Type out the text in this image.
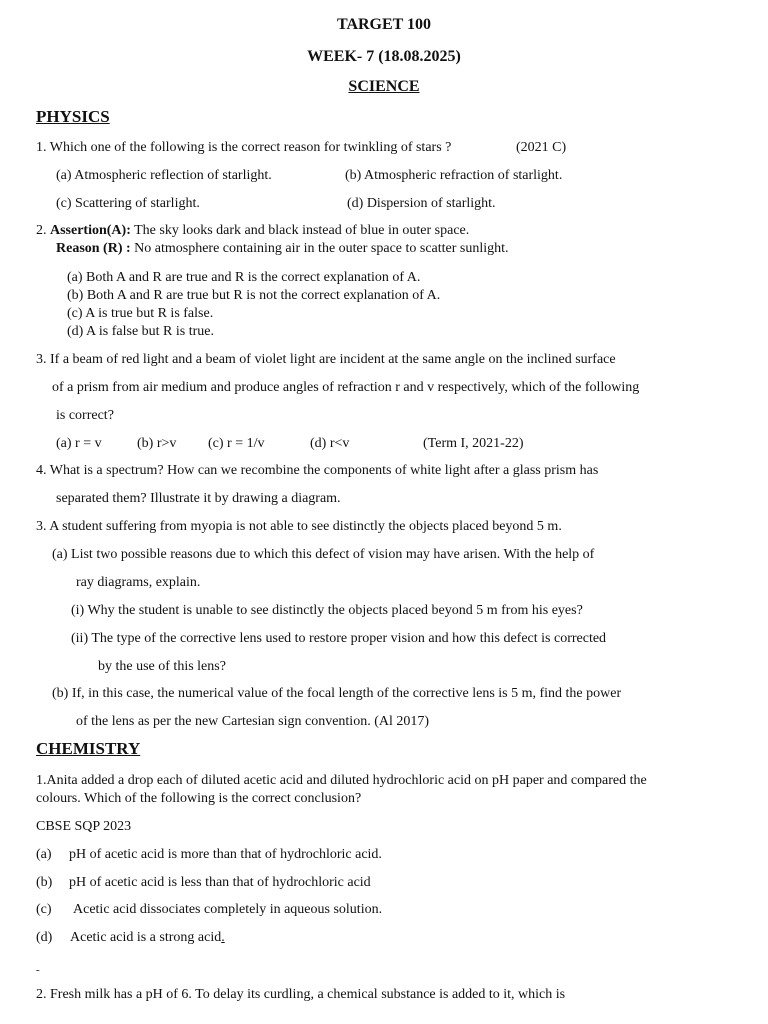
TARGET 100
WEEK- 7 (18.08.2025)
SCIENCE
PHYSICS
1. Which one of the following is the correct reason for twinkling of stars ?	(2021 C)
(a) Atmospheric reflection of starlight.	(b) Atmospheric refraction of starlight.
(c) Scattering of starlight.	(d) Dispersion of starlight.
2. Assertion(A): The sky looks dark and black instead of blue in outer space.
Reason (R) : No atmosphere containing air in the outer space to scatter sunlight.
(a) Both A and R are true and R is the correct explanation of A.
(b) Both A and R are true but R is not the correct explanation of A.
(c) A is true but R is false.
(d) A is false but R is true.
3. If a beam of red light and a beam of violet light are incident at the same angle on the inclined surface
of a prism from air medium and produce angles of refraction r and v respectively, which of the following
is correct?
(a) r = v	(b) r>v (c) r = 1/v	(d) r<v	(Term I, 2021-22)
4. What is a spectrum? How can we recombine the components of white light after a glass prism has
separated them? Illustrate it by drawing a diagram.
3. A student suffering from myopia is not able to see distinctly the objects placed beyond 5 m.
(a) List two possible reasons due to which this defect of vision may have arisen. With the help of
ray diagrams, explain.
(i) Why the student is unable to see distinctly the objects placed beyond 5 m from his eyes?
(ii) The type of the corrective lens used to restore proper vision and how this defect is corrected
by the use of this lens?
(b) If, in this case, the numerical value of the focal length of the corrective lens is 5 m, find the power
of the lens as per the new Cartesian sign convention. (Al 2017)
CHEMISTRY
1.Anita added a drop each of diluted acetic acid and diluted hydrochloric acid on pH paper and compared the
colours. Which of the following is the correct conclusion?
CBSE SQP 2023
(a) pH of acetic acid is more than that of hydrochloric acid.
(b) pH of acetic acid is less than that of hydrochloric acid
(c) Acetic acid dissociates completely in aqueous solution.
(d) Acetic acid is a strong acid.
-
2. Fresh milk has a pH of 6. To delay its curdling, a chemical substance is added to it, which is
